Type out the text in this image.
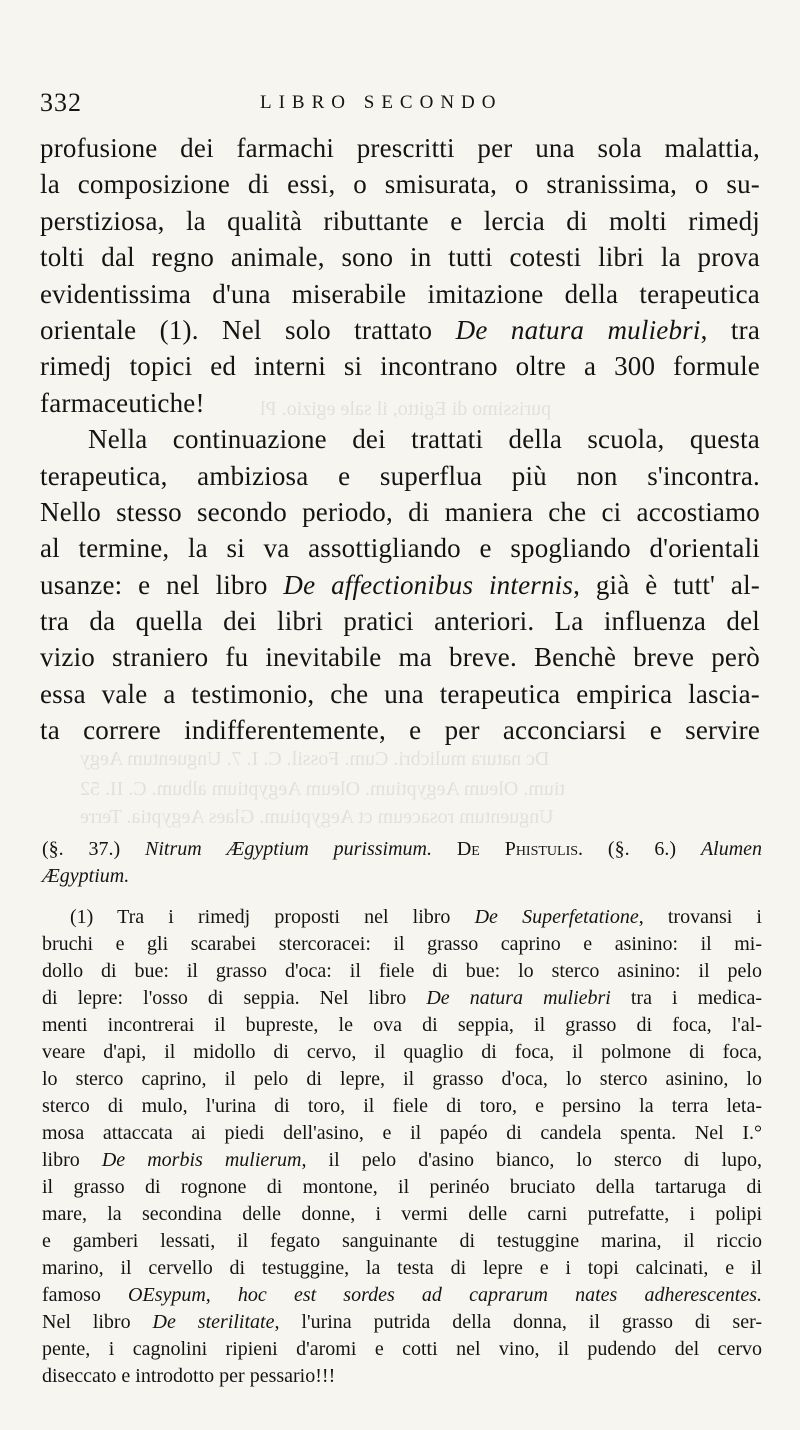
purissimo di Egitto, il sale egizio. Pl
Dc natura mulicbri. Cum. Fossil. C. I. 7. Unguentum Aegy
tium. Oleum Aegyptium. Oleum Aegyptium album. C. II. 52
Unguentum rosaceum ct Aegyptium. Glaes Aegyptia. Terre
332	LIBRO SECONDO
profusione dei farmachi prescritti per una sola malattia,
la composizione di essi, o smisurata, o stranissima, o su-
perstiziosa, la qualità ributtante e lercia di molti rimedj
tolti dal regno animale, sono in tutti cotesti libri la prova
evidentissima d'una miserabile imitazione della terapeutica
orientale (1). Nel solo trattato De natura muliebri, tra
rimedj topici ed interni si incontrano oltre a 300 formule
farmaceutiche!
Nella continuazione dei trattati della scuola, questa
terapeutica, ambiziosa e superflua più non s'incontra.
Nello stesso secondo periodo, di maniera che ci accostiamo
al termine, la si va assottigliando e spogliando d'orientali
usanze: e nel libro De affectionibus internis, già è tutt' al-
tra da quella dei libri pratici anteriori. La influenza del
vizio straniero fu inevitabile ma breve. Benchè breve però
essa vale a testimonio, che una terapeutica empirica lascia-
ta correre indifferentemente, e per acconciarsi e servire
(§. 37.) Nitrum Ægyptium purissimum. De Phistulis. (§. 6.) Alumen
Ægyptium.
(1) Tra i rimedj proposti nel libro De Superfetatione, trovansi i
bruchi e gli scarabei stercoracei: il grasso caprino e asinino: il mi-
dollo di bue: il grasso d'oca: il fiele di bue: lo sterco asinino: il pelo
di lepre: l'osso di seppia. Nel libro De natura muliebri tra i medica-
menti incontrerai il bupreste, le ova di seppia, il grasso di foca, l'al-
veare d'api, il midollo di cervo, il quaglio di foca, il polmone di foca,
lo sterco caprino, il pelo di lepre, il grasso d'oca, lo sterco asinino, lo
sterco di mulo, l'urina di toro, il fiele di toro, e persino la terra leta-
mosa attaccata ai piedi dell'asino, e il papéo di candela spenta. Nel I.°
libro De morbis mulierum, il pelo d'asino bianco, lo sterco di lupo,
il grasso di rognone di montone, il perinéo bruciato della tartaruga di
mare, la secondina delle donne, i vermi delle carni putrefatte, i polipi
e gamberi lessati, il fegato sanguinante di testuggine marina, il riccio
marino, il cervello di testuggine, la testa di lepre e i topi calcinati, e il
famoso OEsypum, hoc est sordes ad caprarum nates adherescentes.
Nel libro De sterilitate, l'urina putrida della donna, il grasso di ser-
pente, i cagnolini ripieni d'aromi e cotti nel vino, il pudendo del cervo
diseccato e introdotto per pessario!!!
